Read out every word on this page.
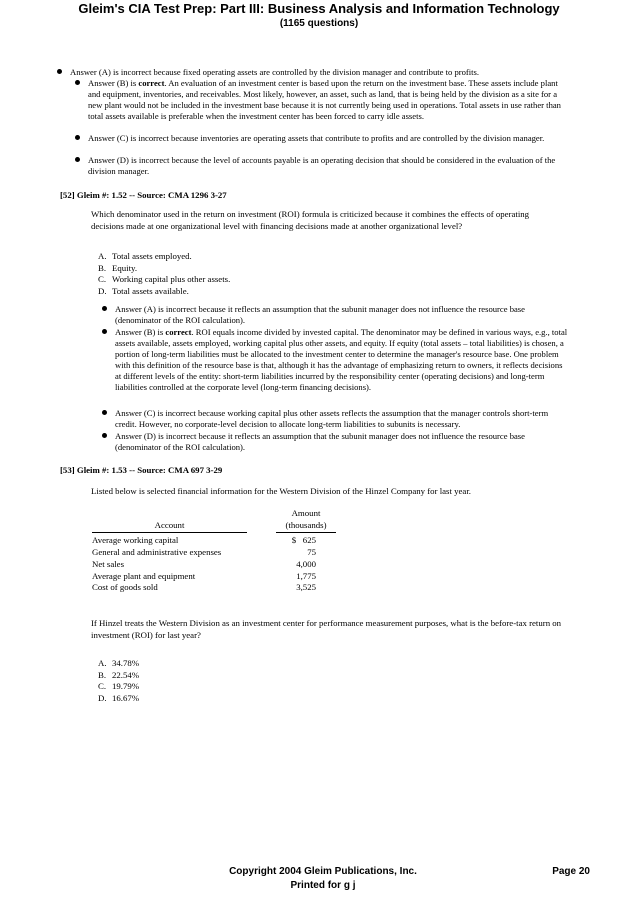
Gleim's CIA Test Prep: Part III: Business Analysis and Information Technology
(1165 questions)
Answer (A) is incorrect because fixed operating assets are controlled by the division manager and contribute to profits.
Answer (B) is correct. An evaluation of an investment center is based upon the return on the investment base. These assets include plant and equipment, inventories, and receivables. Most likely, however, an asset, such as land, that is being held by the division as a site for a new plant would not be included in the investment base because it is not currently being used in operations. Total assets in use rather than total assets available is preferable when the investment center has been forced to carry idle assets.
Answer (C) is incorrect because inventories are operating assets that contribute to profits and are controlled by the division manager.
Answer (D) is incorrect because the level of accounts payable is an operating decision that should be considered in the evaluation of the division manager.
[52] Gleim #: 1.52 -- Source: CMA 1296 3-27
Which denominator used in the return on investment (ROI) formula is criticized because it combines the effects of operating decisions made at one organizational level with financing decisions made at another organizational level?
A. Total assets employed.
B. Equity.
C. Working capital plus other assets.
D. Total assets available.
Answer (A) is incorrect because it reflects an assumption that the subunit manager does not influence the resource base (denominator of the ROI calculation).
Answer (B) is correct. ROI equals income divided by invested capital. The denominator may be defined in various ways, e.g., total assets available, assets employed, working capital plus other assets, and equity. If equity (total assets – total liabilities) is chosen, a portion of long-term liabilities must be allocated to the investment center to determine the manager's resource base. One problem with this definition of the resource base is that, although it has the advantage of emphasizing return to owners, it reflects decisions at different levels of the entity: short-term liabilities incurred by the responsibility center (operating decisions) and long-term liabilities controlled at the corporate level (long-term financing decisions).
Answer (C) is incorrect because working capital plus other assets reflects the assumption that the manager controls short-term credit. However, no corporate-level decision to allocate long-term liabilities to subunits is necessary.
Answer (D) is incorrect because it reflects an assumption that the subunit manager does not influence the resource base (denominator of the ROI calculation).
[53] Gleim #: 1.53 -- Source: CMA 697 3-29
Listed below is selected financial information for the Western Division of the Hinzel Company for last year.
Amount
Account	(thousands)
Average working capital	$   625
General and administrative expenses	75
Net sales	4,000
Average plant and equipment	1,775
Cost of goods sold	3,525
If Hinzel treats the Western Division as an investment center for performance measurement purposes, what is the before-tax return on investment (ROI) for last year?
A. 34.78%
B. 22.54%
C. 19.79%
D. 16.67%
Copyright 2004 Gleim Publications, Inc.	Page 20
Printed for g j
